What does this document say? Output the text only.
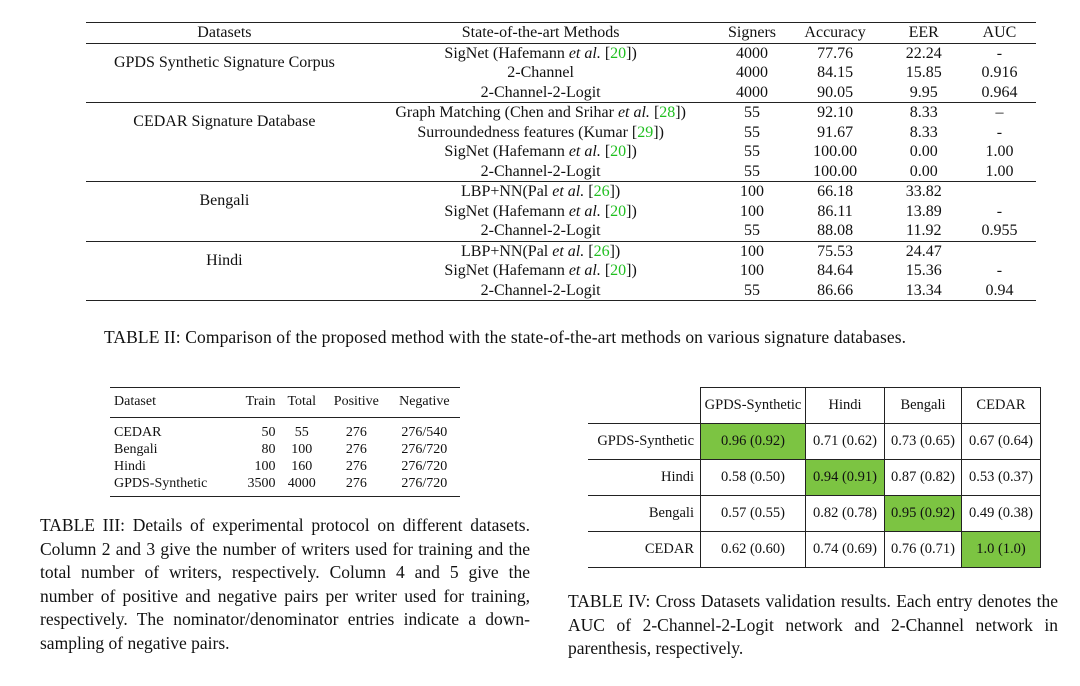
Datasets	State-of-the-art Methods	Signers	Accuracy	EER	AUC
GPDS Synthetic Signature Corpus	SigNet (Hafemann et al. [20])	4000	77.76	22.24	-
	2-Channel	4000	84.15	15.85	0.916
	2-Channel-2-Logit	4000	90.05	9.95	0.964
CEDAR Signature Database	Graph Matching (Chen and Srihar et al. [28])	55	92.10	8.33	–
	Surroundedness features (Kumar [29])	55	91.67	8.33	-
	SigNet (Hafemann et al. [20])	55	100.00	0.00	1.00
	2-Channel-2-Logit	55	100.00	0.00	1.00
Bengali	LBP+NN(Pal et al. [26])	100	66.18	33.82	
	SigNet (Hafemann et al. [20])	100	86.11	13.89	-
	2-Channel-2-Logit	55	88.08	11.92	0.955
Hindi	LBP+NN(Pal et al. [26])	100	75.53	24.47	
	SigNet (Hafemann et al. [20])	100	84.64	15.36	-
	2-Channel-2-Logit	55	86.66	13.34	0.94
TABLE II: Comparison of the proposed method with the state-of-the-art methods on various signature databases.
Dataset	Train	Total	Positive	Negative
CEDAR	50	55	276	276/540
Bengali	80	100	276	276/720
Hindi	100	160	276	276/720
GPDS-Synthetic	3500	4000	276	276/720
TABLE III: Details of experimental protocol on different datasets. Column 2 and 3 give the number of writers used for training and the total number of writers, respectively. Column 4 and 5 give the number of positive and negative pairs per writer used for training, respectively. The nominator/denominator entries indicate a down-sampling of negative pairs.
	GPDS-Synthetic	Hindi	Bengali	CEDAR
GPDS-Synthetic	0.96 (0.92)	0.71 (0.62)	0.73 (0.65)	0.67 (0.64)
Hindi	0.58 (0.50)	0.94 (0.91)	0.87 (0.82)	0.53 (0.37)
Bengali	0.57 (0.55)	0.82 (0.78)	0.95 (0.92)	0.49 (0.38)
CEDAR	0.62 (0.60)	0.74 (0.69)	0.76 (0.71)	1.0 (1.0)
TABLE IV: Cross Datasets validation results. Each entry denotes the AUC of 2-Channel-2-Logit network and 2-Channel network in parenthesis, respectively.
